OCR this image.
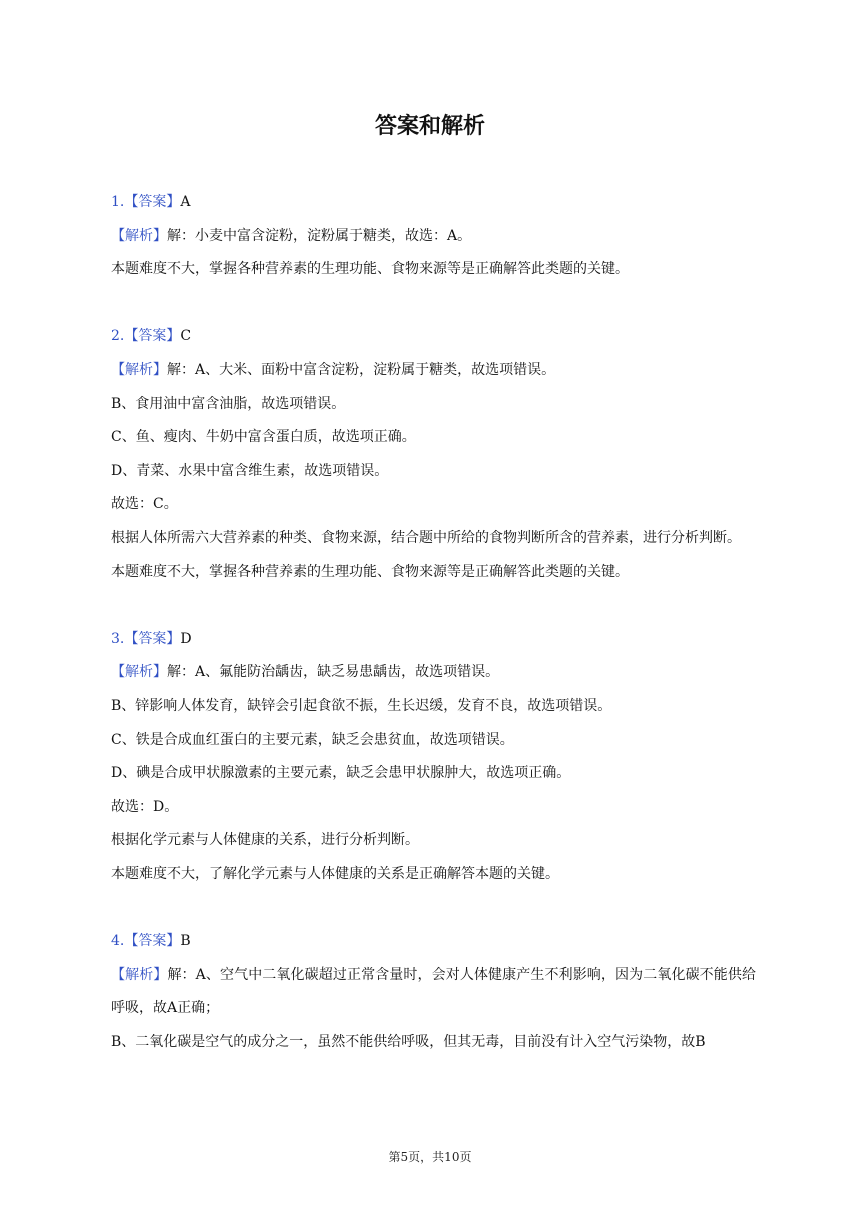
答案和解析
1.【答案】A
【解析】解：小麦中富含淀粉，淀粉属于糖类，故选：A。
本题难度不大，掌握各种营养素的生理功能、食物来源等是正确解答此类题的关键。
2.【答案】C
【解析】解：A、大米、面粉中富含淀粉，淀粉属于糖类，故选项错误。
B、食用油中富含油脂，故选项错误。
C、鱼、瘦肉、牛奶中富含蛋白质，故选项正确。
D、青菜、水果中富含维生素，故选项错误。
故选：C。
根据人体所需六大营养素的种类、食物来源，结合题中所给的食物判断所含的营养素，进行分析判断。
本题难度不大，掌握各种营养素的生理功能、食物来源等是正确解答此类题的关键。
3.【答案】D
【解析】解：A、氟能防治龋齿，缺乏易患龋齿，故选项错误。
B、锌影响人体发育，缺锌会引起食欲不振，生长迟缓，发育不良，故选项错误。
C、铁是合成血红蛋白的主要元素，缺乏会患贫血，故选项错误。
D、碘是合成甲状腺激素的主要元素，缺乏会患甲状腺肿大，故选项正确。
故选：D。
根据化学元素与人体健康的关系，进行分析判断。
本题难度不大，了解化学元素与人体健康的关系是正确解答本题的关键。
4.【答案】B
【解析】解：A、空气中二氧化碳超过正常含量时，会对人体健康产生不利影响，因为二氧化碳不能供给呼吸，故A正确；
B、二氧化碳是空气的成分之一，虽然不能供给呼吸，但其无毒，目前没有计入空气污染物，故B
第5页，共10页
